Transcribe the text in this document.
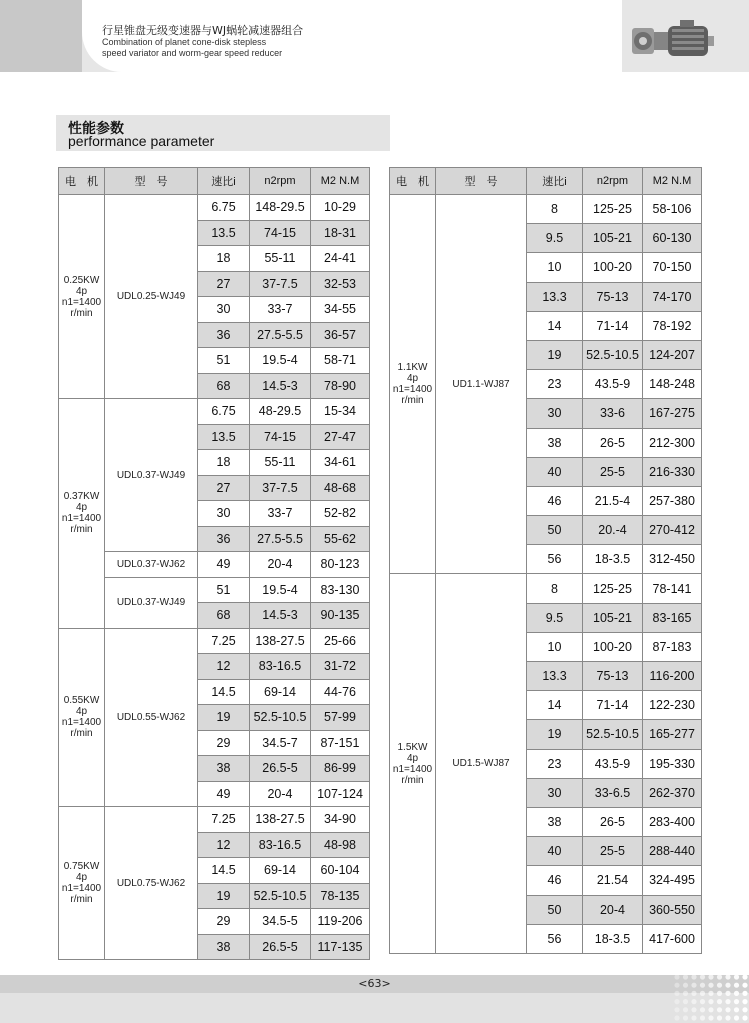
行星锥盘无级变速器与WJ蜗轮减速器组合
Combination of planet cone-disk stepless
speed variator and worm-gear speed reducer
性能参数
performance parameter
电　机	型　号	速比i	n2rpm	M2 N.M

0.25KW
4p
n1=1400
r/min	UDL0.25-WJ49	6.75	148-29.5	10-29
		13.5	74-15	18-31
		18	55-11	24-41
		27	37-7.5	32-53
		30	33-7	34-55
		36	27.5-5.5	36-57
		51	19.5-4	58-71
		68	14.5-3	78-90

0.37KW
4p
n1=1400
r/min	UDL0.37-WJ49	6.75	48-29.5	15-34
		13.5	74-15	27-47
		18	55-11	34-61
		27	37-7.5	48-68
		30	33-7	52-82
		36	27.5-5.5	55-62
	UDL0.37-WJ62	49	20-4	80-123
	UDL0.37-WJ49	51	19.5-4	83-130
		68	14.5-3	90-135

0.55KW
4p
n1=1400
r/min	UDL0.55-WJ62	7.25	138-27.5	25-66
		12	83-16.5	31-72
		14.5	69-14	44-76
		19	52.5-10.5	57-99
		29	34.5-7	87-151
		38	26.5-5	86-99
		49	20-4	107-124

0.75KW
4p
n1=1400
r/min	UDL0.75-WJ62	7.25	138-27.5	34-90
		12	83-16.5	48-98
		14.5	69-14	60-104
		19	52.5-10.5	78-135
		29	34.5-5	119-206
		38	26.5-5	117-135
电　机	型　号	速比i	n2rpm	M2 N.M

1.1KW
4p
n1=1400
r/min	UD1.1-WJ87	8	125-25	58-106
		9.5	105-21	60-130
		10	100-20	70-150
		13.3	75-13	74-170
		14	71-14	78-192
		19	52.5-10.5	124-207
		23	43.5-9	148-248
		30	33-6	167-275
		38	26-5	212-300
		40	25-5	216-330
		46	21.5-4	257-380
		50	20.-4	270-412
		56	18-3.5	312-450

1.5KW
4p
n1=1400
r/min	UD1.5-WJ87	8	125-25	78-141
		9.5	105-21	83-165
		10	100-20	87-183
		13.3	75-13	116-200
		14	71-14	122-230
		19	52.5-10.5	165-277
		23	43.5-9	195-330
		30	33-6.5	262-370
		38	26-5	283-400
		40	25-5	288-440
		46	21.54	324-495
		50	20-4	360-550
		56	18-3.5	417-600
<63>
